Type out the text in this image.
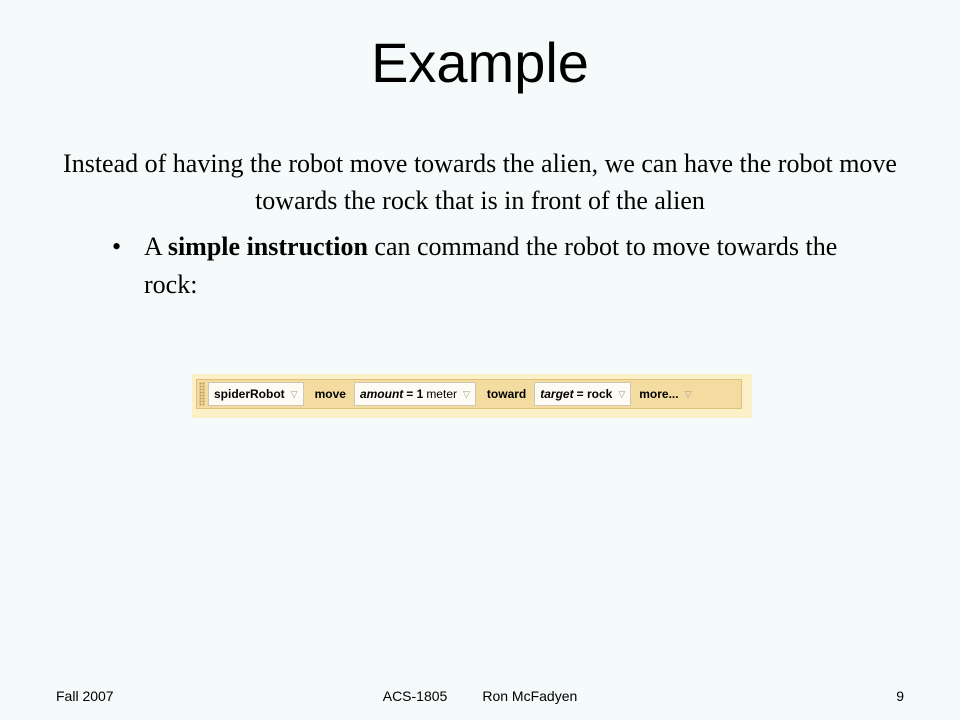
Example
Instead of having the robot move towards the alien, we can have the robot move towards the rock that is in front of the alien
• A simple instruction can command the robot to move towards the rock:
spiderRobot ▽	move	amount = 1 meter ▽	toward	target = rock ▽ more... ▽
Fall 2007	ACS-1805         Ron McFadyen	9
